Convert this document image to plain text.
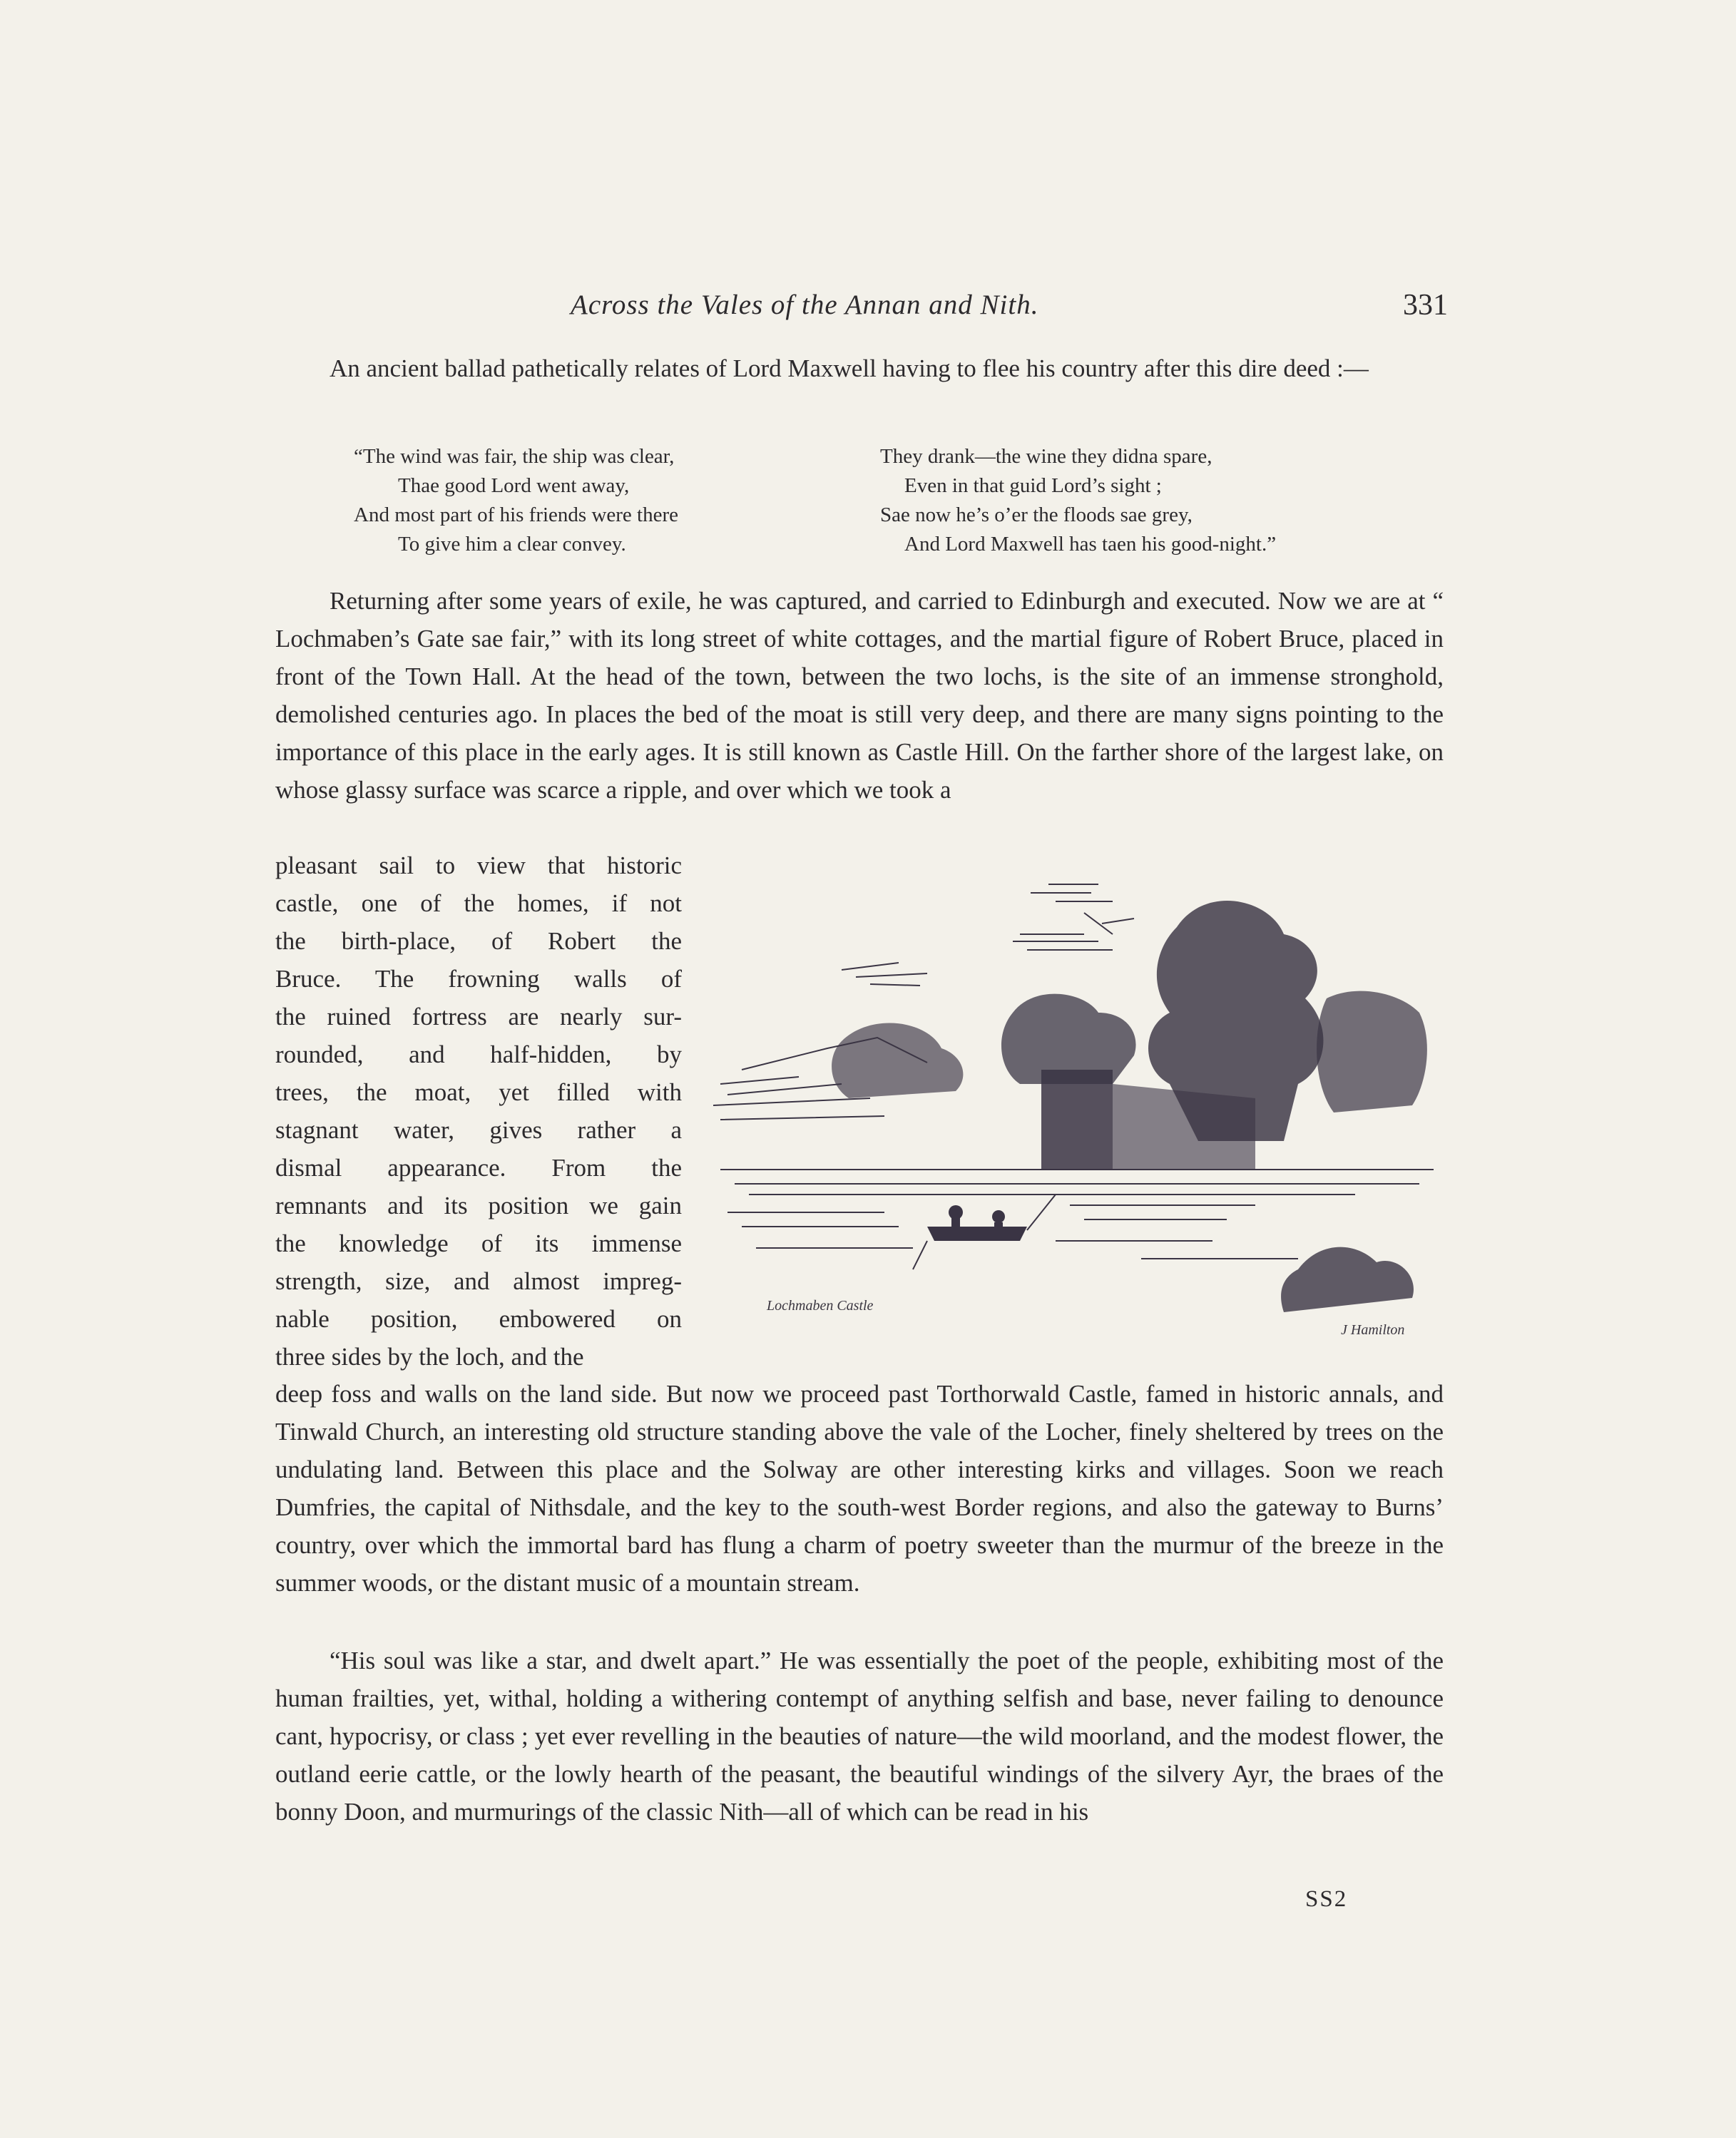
Across the Vales of the Annan and Nith.	331

An ancient ballad pathetically relates of Lord Maxwell having to flee his country after this dire deed :—

“The wind was fair, the ship was clear,
Thae good Lord went away,
And most part of his friends were there
To give him a clear convey.
They drank—the wine they didna spare,
Even in that guid Lord’s sight ;
Sae now he’s o’er the floods sae grey,
And Lord Maxwell has taen his good-night.”

Returning after some years of exile, he was captured, and carried to Edinburgh and executed. Now we are at “ Lochmaben’s Gate sae fair,” with its long street of white cottages, and the martial figure of Robert Bruce, placed in front of the Town Hall. At the head of the town, between the two lochs, is the site of an immense stronghold, demolished centuries ago. In places the bed of the moat is still very deep, and there are many signs pointing to the importance of this place in the early ages. It is still known as Castle Hill. On the farther shore of the largest lake, on whose glassy surface was scarce a ripple, and over which we took a

pleasant sail to view that historic
castle, one of the homes, if not
the birth-place, of Robert the
Bruce. The frowning walls of
the ruined fortress are nearly sur-
rounded, and half-hidden, by
trees, the moat, yet filled with
stagnant water, gives rather a
dismal appearance. From the
remnants and its position we gain
the knowledge of its immense
strength, size, and almost impreg-
nable position, embowered on
three sides by the loch, and the
Lochmaben Castle
J Hamilton

deep foss and walls on the land side. But now we proceed past Torthorwald Castle, famed in historic annals, and Tinwald Church, an interesting old structure standing above the vale of the Locher, finely sheltered by trees on the undulating land. Between this place and the Solway are other interesting kirks and villages. Soon we reach Dumfries, the capital of Nithsdale, and the key to the south-west Border regions, and also the gateway to Burns’ country, over which the immortal bard has flung a charm of poetry sweeter than the murmur of the breeze in the summer woods, or the distant music of a mountain stream.

“His soul was like a star, and dwelt apart.” He was essentially the poet of the people, exhibiting most of the human frailties, yet, withal, holding a withering contempt of anything selfish and base, never failing to denounce cant, hypocrisy, or class ; yet ever revelling in the beauties of nature—the wild moorland, and the modest flower, the outland eerie cattle, or the lowly hearth of the peasant, the beautiful windings of the silvery Ayr, the braes of the bonny Doon, and murmurings of the classic Nith—all of which can be read in his

SS2
